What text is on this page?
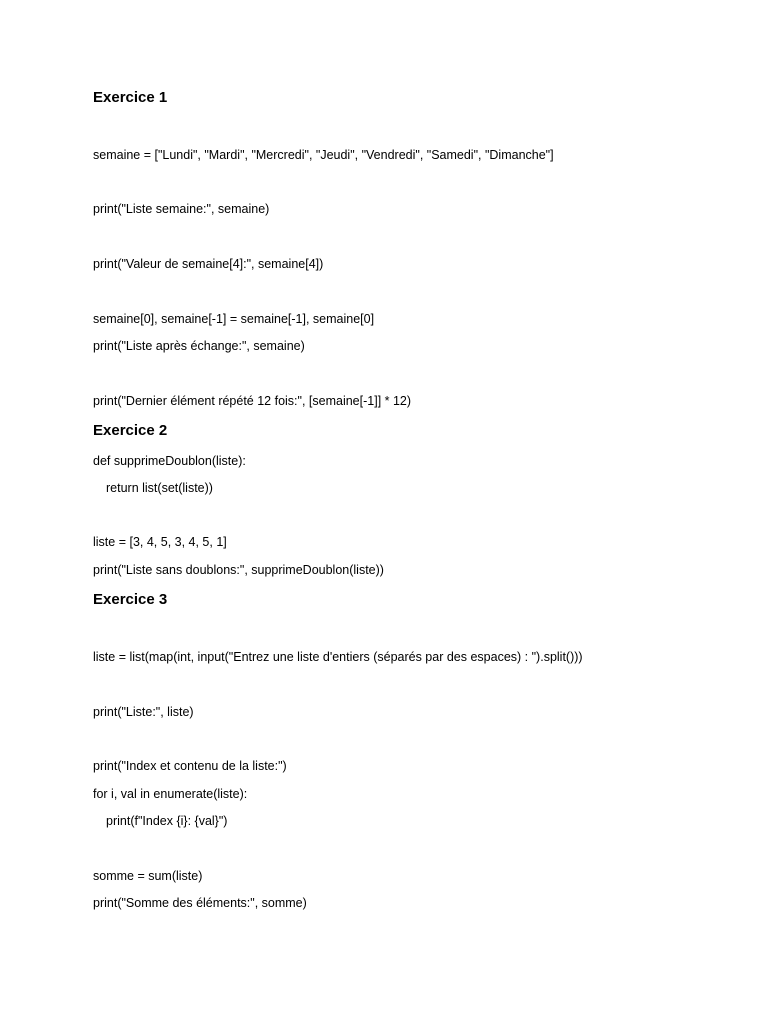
Exercice 1
semaine = ["Lundi", "Mardi", "Mercredi", "Jeudi", "Vendredi", "Samedi", "Dimanche"]
print("Liste semaine:", semaine)
print("Valeur de semaine[4]:", semaine[4])
semaine[0], semaine[-1] = semaine[-1], semaine[0]
print("Liste après échange:", semaine)
print("Dernier élément répété 12 fois:", [semaine[-1]] * 12)
Exercice 2
def supprimeDoublon(liste):
return list(set(liste))
liste = [3, 4, 5, 3, 4, 5, 1]
print("Liste sans doublons:", supprimeDoublon(liste))
Exercice 3
liste = list(map(int, input("Entrez une liste d'entiers (séparés par des espaces) : ").split()))
print("Liste:", liste)
print("Index et contenu de la liste:")
for i, val in enumerate(liste):
print(f"Index {i}: {val}")
somme = sum(liste)
print("Somme des éléments:", somme)
